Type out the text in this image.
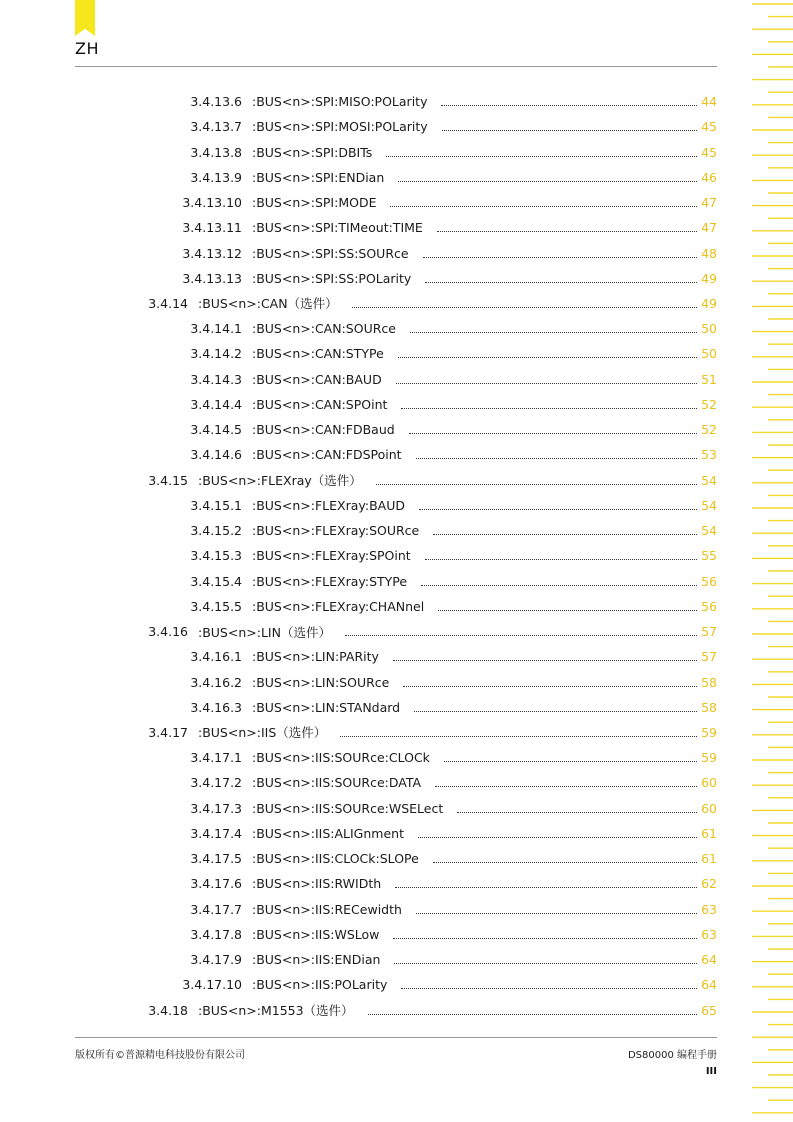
ZH
3.4.13.6 :BUS<n>:SPI:MISO:POLarity	44
3.4.13.7 :BUS<n>:SPI:MOSI:POLarity	45
3.4.13.8 :BUS<n>:SPI:DBITs	45
3.4.13.9 :BUS<n>:SPI:ENDian	46
3.4.13.10 :BUS<n>:SPI:MODE	47
3.4.13.11 :BUS<n>:SPI:TIMeout:TIME	47
3.4.13.12 :BUS<n>:SPI:SS:SOURce	48
3.4.13.13 :BUS<n>:SPI:SS:POLarity	49
3.4.14 :BUS<n>:CAN（选件）	49
3.4.14.1 :BUS<n>:CAN:SOURce	50
3.4.14.2 :BUS<n>:CAN:STYPe	50
3.4.14.3 :BUS<n>:CAN:BAUD	51
3.4.14.4 :BUS<n>:CAN:SPOint	52
3.4.14.5 :BUS<n>:CAN:FDBaud	52
3.4.14.6 :BUS<n>:CAN:FDSPoint	53
3.4.15 :BUS<n>:FLEXray（选件）	54
3.4.15.1 :BUS<n>:FLEXray:BAUD	54
3.4.15.2 :BUS<n>:FLEXray:SOURce	54
3.4.15.3 :BUS<n>:FLEXray:SPOint	55
3.4.15.4 :BUS<n>:FLEXray:STYPe	56
3.4.15.5 :BUS<n>:FLEXray:CHANnel	56
3.4.16 :BUS<n>:LIN（选件）	57
3.4.16.1 :BUS<n>:LIN:PARity	57
3.4.16.2 :BUS<n>:LIN:SOURce	58
3.4.16.3 :BUS<n>:LIN:STANdard	58
3.4.17 :BUS<n>:IIS（选件）	59
3.4.17.1 :BUS<n>:IIS:SOURce:CLOCk	59
3.4.17.2 :BUS<n>:IIS:SOURce:DATA	60
3.4.17.3 :BUS<n>:IIS:SOURce:WSELect	60
3.4.17.4 :BUS<n>:IIS:ALIGnment	61
3.4.17.5 :BUS<n>:IIS:CLOCk:SLOPe	61
3.4.17.6 :BUS<n>:IIS:RWIDth	62
3.4.17.7 :BUS<n>:IIS:RECewidth	63
3.4.17.8 :BUS<n>:IIS:WSLow	63
3.4.17.9 :BUS<n>:IIS:ENDian	64
3.4.17.10 :BUS<n>:IIS:POLarity	64
3.4.18 :BUS<n>:M1553（选件）	65
版权所有©普源精电科技股份有限公司	DS80000 编程手册
III
